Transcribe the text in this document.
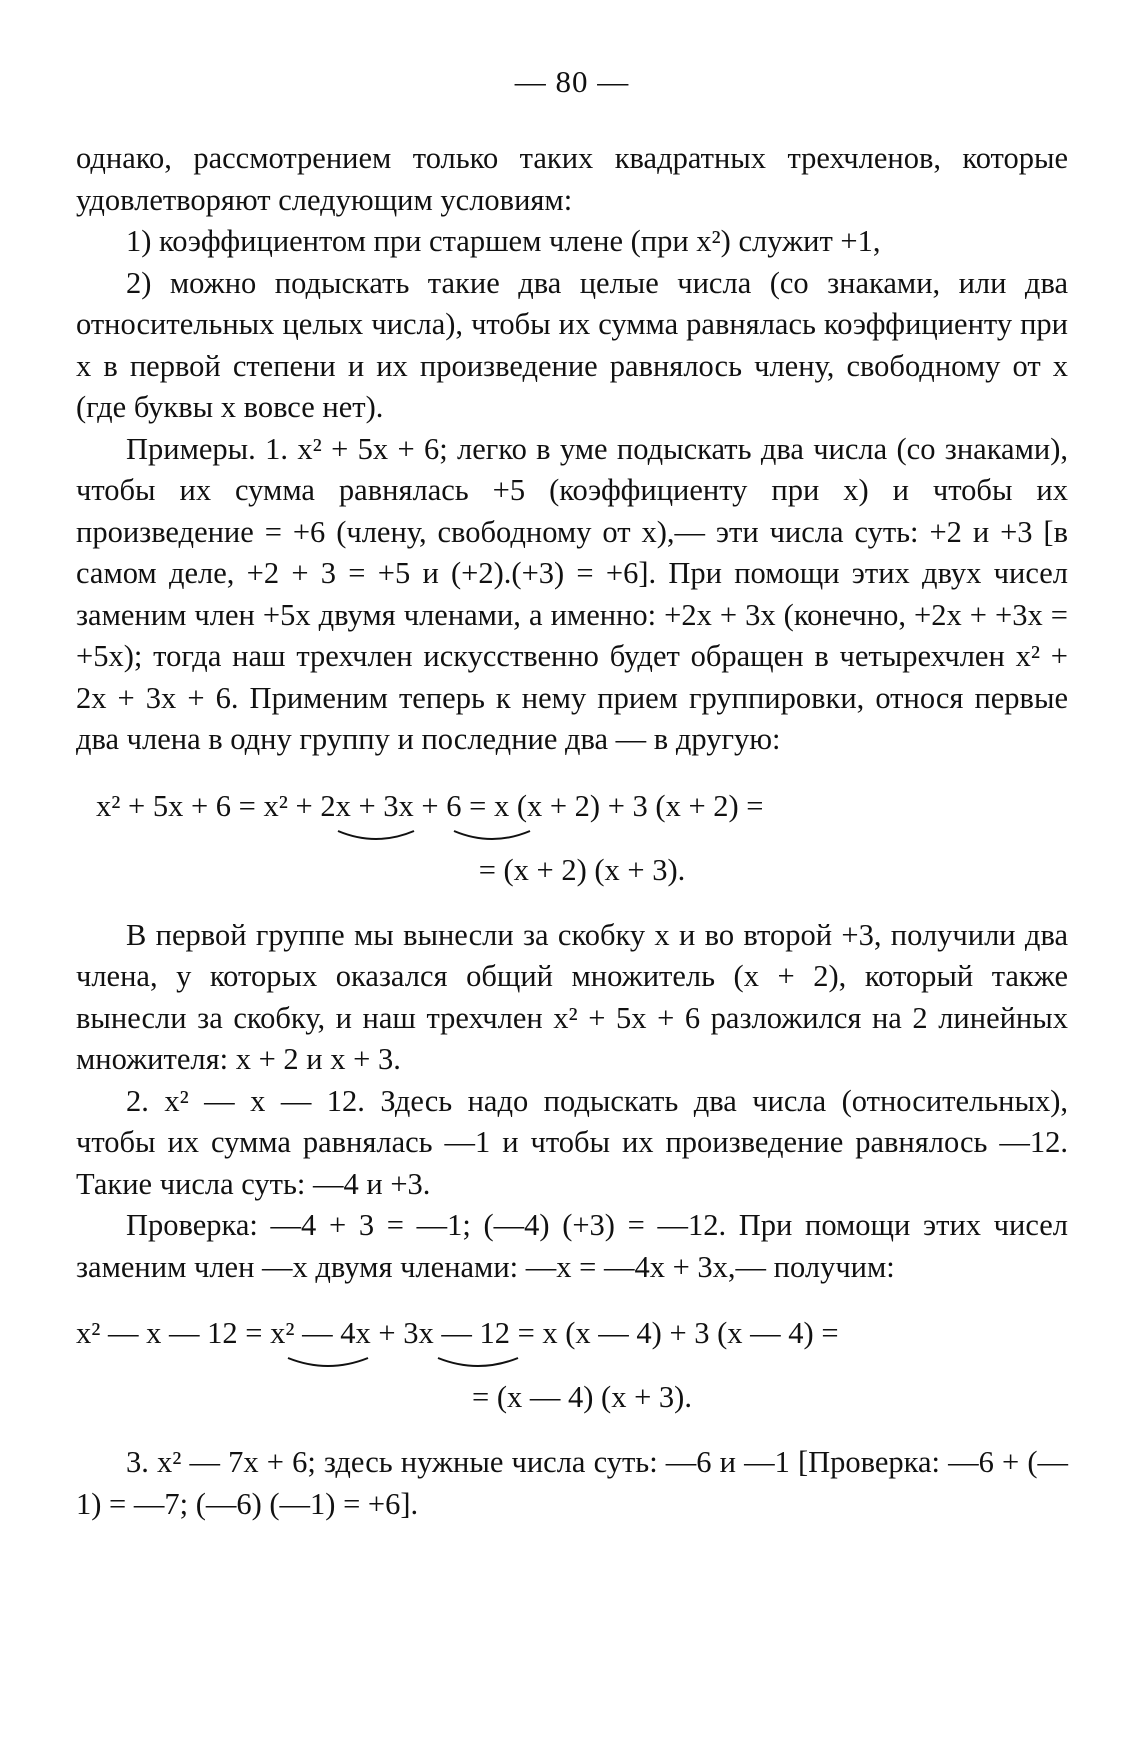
— 80 —

однако, рассмотрением только таких квадратных трехчленов, которые удовлетворяют следующим условиям:

1) коэффициентом при старшем члене (при x²) служит +1,

2) можно подыскать такие два целые числа (со знаками, или два относительных целых числа), чтобы их сумма равнялась коэффициенту при x в первой степени и их произведение равнялось члену, свободному от x (где буквы x вовсе нет).

Примеры. 1. x² + 5x + 6; легко в уме подыскать два числа (со знаками), чтобы их сумма равнялась +5 (коэффициенту при x) и чтобы их произведение = +6 (члену, свободному от x),— эти числа суть: +2 и +3 [в самом деле, +2 + 3 = +5 и (+2).(+3) = +6]. При помощи этих двух чисел заменим член +5x двумя членами, а именно: +2x + 3x (конечно, +2x + +3x = +5x); тогда наш трехчлен искусственно будет обращен в четырехчлен x² + 2x + 3x + 6. Применим теперь к нему прием группировки, относя первые два члена в одну группу и последние два — в другую:

x² + 5x + 6 = x² + 2x + 3x + 6 = x (x + 2) + 3 (x + 2) =
= (x + 2) (x + 3).

В первой группе мы вынесли за скобку x и во второй +3, получили два члена, у которых оказался общий множитель (x + 2), который также вынесли за скобку, и наш трехчлен x² + 5x + 6 разложился на 2 линейных множителя: x + 2 и x + 3.

2. x² — x — 12. Здесь надо подыскать два числа (относительных), чтобы их сумма равнялась —1 и чтобы их произведение равнялось —12. Такие числа суть: —4 и +3.

Проверка: —4 + 3 = —1; (—4) (+3) = —12. При помощи этих чисел заменим член —x двумя членами: —x = —4x + 3x,— получим:

x² — x — 12 = x² — 4x + 3x — 12 = x (x — 4) + 3 (x — 4) =
= (x — 4) (x + 3).

3. x² — 7x + 6; здесь нужные числа суть: —6 и —1 [Проверка: —6 + (—1) = —7; (—6) (—1) = +6].
